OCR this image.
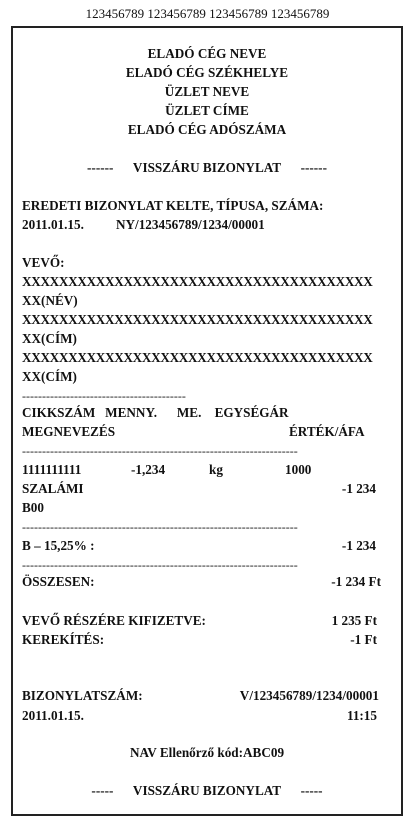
123456789 123456789 123456789 123456789
ELADÓ CÉG NEVE
ELADÓ CÉG SZÉKHELYE
ÜZLET NEVE
ÜZLET CÍME
ELADÓ CÉG ADÓSZÁMA
------      VISSZÁRU BIZONYLAT      ------
EREDETI BIZONYLAT KELTE, TÍPUSA, SZÁMA:
2011.01.15. NY/123456789/1234/00001
VEVŐ:
XXXXXXXXXXXXXXXXXXXXXXXXXXXXXXXXXXXXXX
XX(NÉV)
XXXXXXXXXXXXXXXXXXXXXXXXXXXXXXXXXXXXXX
XX(CÍM)
XXXXXXXXXXXXXXXXXXXXXXXXXXXXXXXXXXXXXX
XX(CÍM)
-----------------------------------------
CIKKSZÁM   MENNY.      ME.    EGYSÉGÁR
MEGNEVEZÉS	ÉRTÉK/ÁFA
---------------------------------------------------------------------
1111111111	-1,234	kg	1000
SZALÁMI	-1 234
B00
---------------------------------------------------------------------
B – 15,25% :	-1 234
---------------------------------------------------------------------
ÖSSZESEN:	-1 234 Ft
VEVŐ RÉSZÉRE KIFIZETVE:	1 235 Ft
KEREKÍTÉS:	-1 Ft
BIZONYLATSZÁM:	V/123456789/1234/00001
2011.01.15.	11:15
NAV Ellenőrző kód:ABC09
-----      VISSZÁRU BIZONYLAT      -----
